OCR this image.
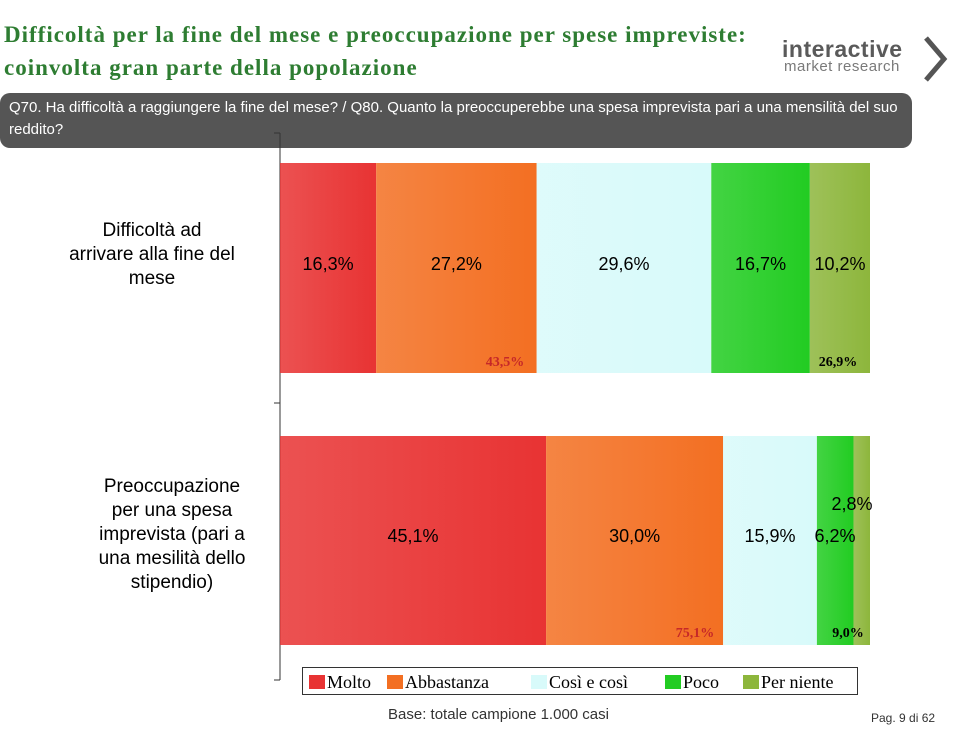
Difficoltà per la fine del mese e preoccupazione per spese impreviste: coinvolta gran parte della popolazione
interactive
market research
Q70. Ha difficoltà a raggiungere la fine del mese? / Q80. Quanto la preoccuperebbe una spesa imprevista pari a una mensilità del suo reddito?
Difficoltà ad arrivare alla fine del mese
16,3%	27,2%	29,6%	16,7% 10,2%
43,5%	26,9%
Preoccupazione per una spesa imprevista (pari a una mesilità dello stipendio)
45,1%	30,0%	15,9% 6,2%
2,8%
75,1%	9,0%
Molto	Abbastanza	Così e così	Poco	Per niente
Base: totale campione 1.000 casi	Pag. 9 di 62
